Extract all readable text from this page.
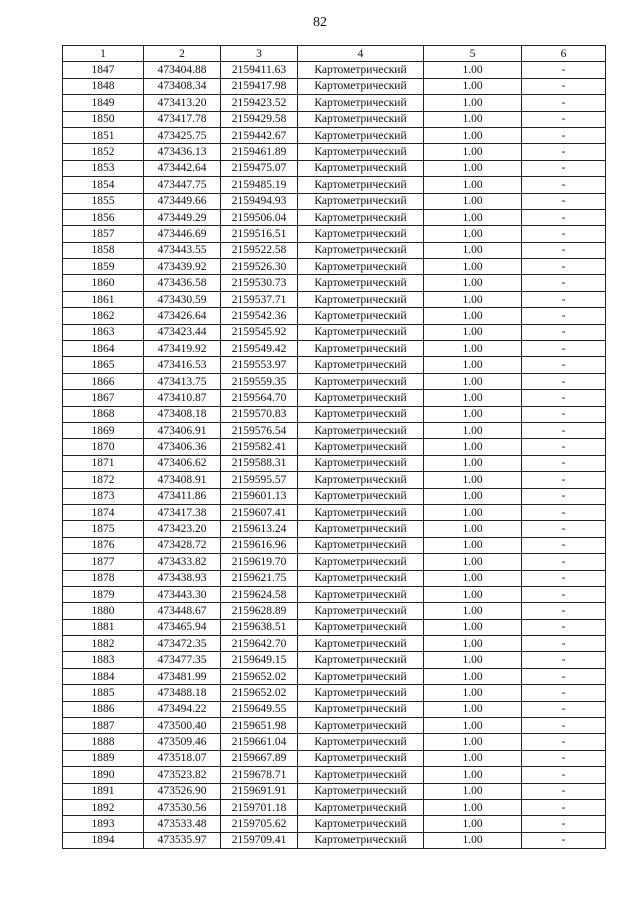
82
1	2	3	4	5	6
1847	473404.88	2159411.63	Картометрический	1.00	-
1848	473408.34	2159417.98	Картометрический	1.00	-
1849	473413.20	2159423.52	Картометрический	1.00	-
1850	473417.78	2159429.58	Картометрический	1.00	-
1851	473425.75	2159442.67	Картометрический	1.00	-
1852	473436.13	2159461.89	Картометрический	1.00	-
1853	473442.64	2159475.07	Картометрический	1.00	-
1854	473447.75	2159485.19	Картометрический	1.00	-
1855	473449.66	2159494.93	Картометрический	1.00	-
1856	473449.29	2159506.04	Картометрический	1.00	-
1857	473446.69	2159516.51	Картометрический	1.00	-
1858	473443.55	2159522.58	Картометрический	1.00	-
1859	473439.92	2159526.30	Картометрический	1.00	-
1860	473436.58	2159530.73	Картометрический	1.00	-
1861	473430.59	2159537.71	Картометрический	1.00	-
1862	473426.64	2159542.36	Картометрический	1.00	-
1863	473423.44	2159545.92	Картометрический	1.00	-
1864	473419.92	2159549.42	Картометрический	1.00	-
1865	473416.53	2159553.97	Картометрический	1.00	-
1866	473413.75	2159559.35	Картометрический	1.00	-
1867	473410.87	2159564.70	Картометрический	1.00	-
1868	473408.18	2159570.83	Картометрический	1.00	-
1869	473406.91	2159576.54	Картометрический	1.00	-
1870	473406.36	2159582.41	Картометрический	1.00	-
1871	473406.62	2159588.31	Картометрический	1.00	-
1872	473408.91	2159595.57	Картометрический	1.00	-
1873	473411.86	2159601.13	Картометрический	1.00	-
1874	473417.38	2159607.41	Картометрический	1.00	-
1875	473423.20	2159613.24	Картометрический	1.00	-
1876	473428.72	2159616.96	Картометрический	1.00	-
1877	473433.82	2159619.70	Картометрический	1.00	-
1878	473438.93	2159621.75	Картометрический	1.00	-
1879	473443.30	2159624.58	Картометрический	1.00	-
1880	473448.67	2159628.89	Картометрический	1.00	-
1881	473465.94	2159638.51	Картометрический	1.00	-
1882	473472.35	2159642.70	Картометрический	1.00	-
1883	473477.35	2159649.15	Картометрический	1.00	-
1884	473481.99	2159652.02	Картометрический	1.00	-
1885	473488.18	2159652.02	Картометрический	1.00	-
1886	473494.22	2159649.55	Картометрический	1.00	-
1887	473500.40	2159651.98	Картометрический	1.00	-
1888	473509.46	2159661.04	Картометрический	1.00	-
1889	473518.07	2159667.89	Картометрический	1.00	-
1890	473523.82	2159678.71	Картометрический	1.00	-
1891	473526.90	2159691.91	Картометрический	1.00	-
1892	473530.56	2159701.18	Картометрический	1.00	-
1893	473533.48	2159705.62	Картометрический	1.00	-
1894	473535.97	2159709.41	Картометрический	1.00	-
